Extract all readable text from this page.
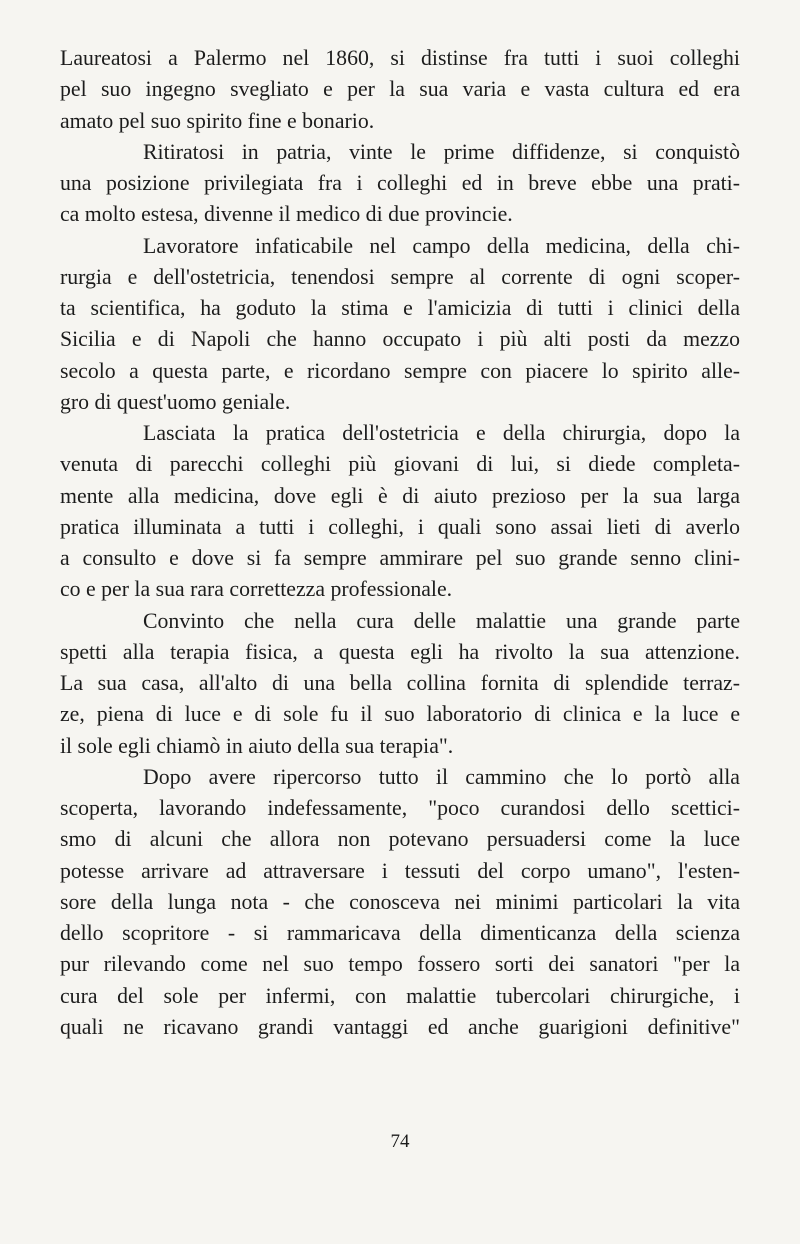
Laureatosi a Palermo nel 1860, si distinse fra tutti i suoi colleghi
pel suo ingegno svegliato e per la sua varia e vasta cultura ed era
amato pel suo spirito fine e bonario.
Ritiratosi in patria, vinte le prime diffidenze, si conquistò
una posizione privilegiata fra i colleghi ed in breve ebbe una prati-
ca molto estesa, divenne il medico di due provincie.
Lavoratore infaticabile nel campo della medicina, della chi-
rurgia e dell'ostetricia, tenendosi sempre al corrente di ogni scoper-
ta scientifica, ha goduto la stima e l'amicizia di tutti i clinici della
Sicilia e di Napoli che hanno occupato i più alti posti da mezzo
secolo a questa parte, e ricordano sempre con piacere lo spirito alle-
gro di quest'uomo geniale.
Lasciata la pratica dell'ostetricia e della chirurgia, dopo la
venuta di parecchi colleghi più giovani di lui, si diede completa-
mente alla medicina, dove egli è di aiuto prezioso per la sua larga
pratica illuminata a tutti i colleghi, i quali sono assai lieti di averlo
a consulto e dove si fa sempre ammirare pel suo grande senno clini-
co e per la sua rara correttezza professionale.
Convinto che nella cura delle malattie una grande parte
spetti alla terapia fisica, a questa egli ha rivolto la sua attenzione.
La sua casa, all'alto di una bella collina fornita di splendide terraz-
ze, piena di luce e di sole fu il suo laboratorio di clinica e la luce e
il sole egli chiamò in aiuto della sua terapia".
Dopo avere ripercorso tutto il cammino che lo portò alla
scoperta, lavorando indefessamente, "poco curandosi dello scettici-
smo di alcuni che allora non potevano persuadersi come la luce
potesse arrivare ad attraversare i tessuti del corpo umano", l'esten-
sore della lunga nota - che conosceva nei minimi particolari la vita
dello scopritore - si rammaricava della dimenticanza della scienza
pur rilevando come nel suo tempo fossero sorti dei sanatori "per la
cura del sole per infermi, con malattie tubercolari chirurgiche, i
quali ne ricavano grandi vantaggi ed anche guarigioni definitive"
74
